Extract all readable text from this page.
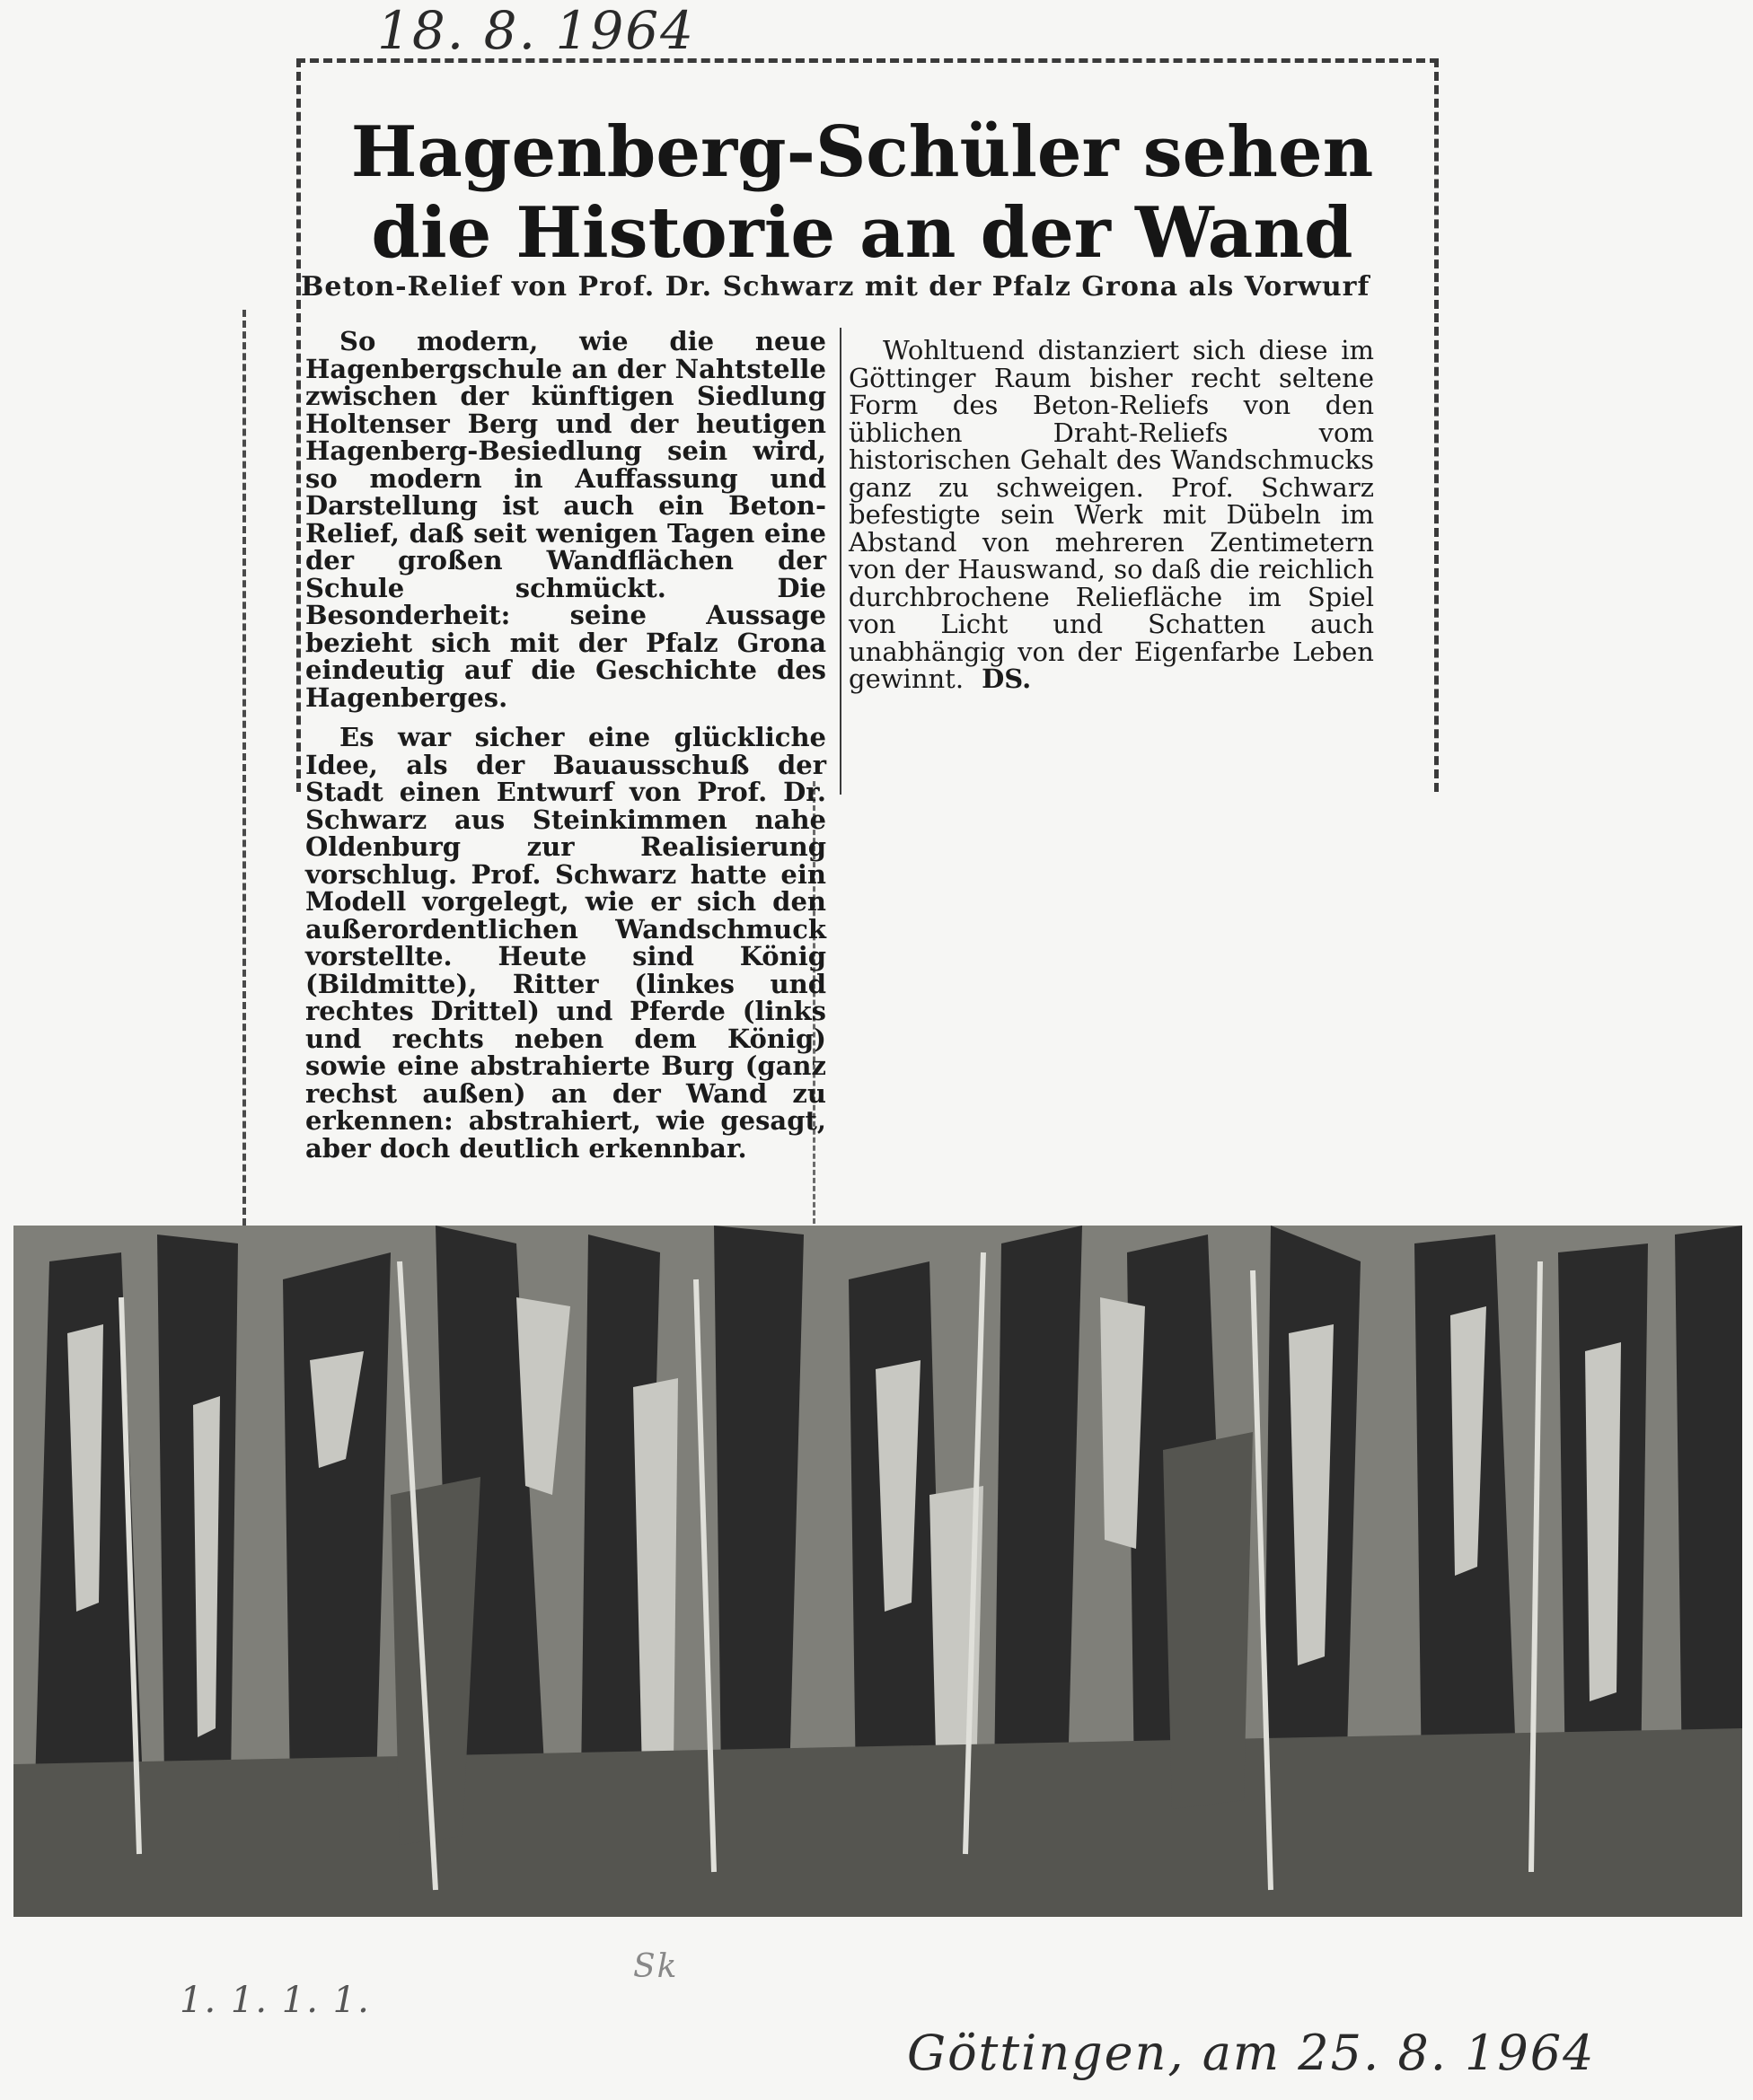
18. 8. 1964
Hagenberg-Schüler sehen die Historie an der Wand
Beton-Relief von Prof. Dr. Schwarz mit der Pfalz Grona als Vorwurf

So modern, wie die neue Hagenbergschule an der Nahtstelle zwischen der künftigen Siedlung Holtenser Berg und der heutigen Hagenberg-Besiedlung sein wird, so modern in Auffassung und Darstellung ist auch ein Beton-Relief, daß seit wenigen Tagen eine der großen Wandflächen der Schule schmückt. Die Besonderheit: seine Aussage bezieht sich mit der Pfalz Grona eindeutig auf die Geschichte des Hagenberges.

Es war sicher eine glückliche Idee, als der Bauausschuß der Stadt einen Entwurf von Prof. Dr. Schwarz aus Steinkimmen nahe Oldenburg zur Realisierung vorschlug. Prof. Schwarz hatte ein Modell vorgelegt, wie er sich den außerordentlichen Wandschmuck vorstellte. Heute sind König (Bildmitte), Ritter (linkes und rechtes Drittel) und Pferde (links und rechts neben dem König) sowie eine abstrahierte Burg (ganz rechst außen) an der Wand zu erkennen: abstrahiert, wie gesagt, aber doch deutlich erkennbar.

Wohltuend distanziert sich diese im Göttinger Raum bisher recht seltene Form des Beton-Reliefs von den üblichen Draht-Reliefs vom historischen Gehalt des Wandschmucks ganz zu schweigen. Prof. Schwarz befestigte sein Werk mit Dübeln im Abstand von mehreren Zentimetern von der Hauswand, so daß die reichlich durchbrochene Reliefläche im Spiel von Licht und Schatten auch unabhängig von der Eigenfarbe Leben gewinnt. DS.

Sk
1. 1. 1. 1.
Göttingen, am 25. 8. 1964
